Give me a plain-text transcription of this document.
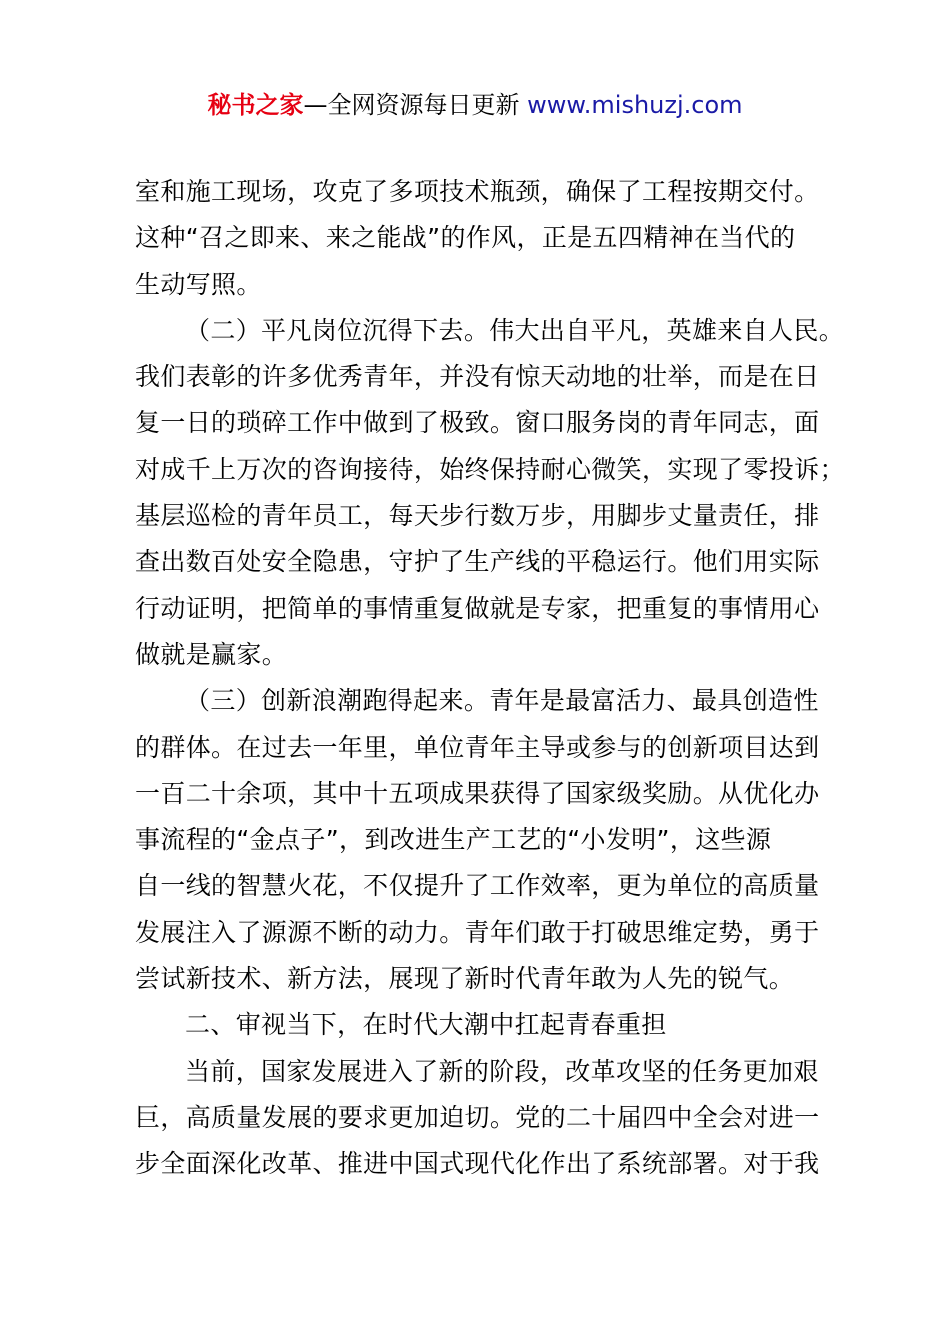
秘书之家—全网资源每日更新 www.mishuzj.com
室和施工现场，攻克了多项技术瓶颈，确保了工程按期交付。
这种“召之即来、来之能战”的作风，正是五四精神在当代的
生动写照。
（二）平凡岗位沉得下去。伟大出自平凡，英雄来自人民。
我们表彰的许多优秀青年，并没有惊天动地的壮举，而是在日
复一日的琐碎工作中做到了极致。窗口服务岗的青年同志，面
对成千上万次的咨询接待，始终保持耐心微笑，实现了零投诉；
基层巡检的青年员工，每天步行数万步，用脚步丈量责任，排
查出数百处安全隐患，守护了生产线的平稳运行。他们用实际
行动证明，把简单的事情重复做就是专家，把重复的事情用心
做就是赢家。
（三）创新浪潮跑得起来。青年是最富活力、最具创造性
的群体。在过去一年里，单位青年主导或参与的创新项目达到
一百二十余项，其中十五项成果获得了国家级奖励。从优化办
事流程的“金点子”，到改进生产工艺的“小发明”，这些源
自一线的智慧火花，不仅提升了工作效率，更为单位的高质量
发展注入了源源不断的动力。青年们敢于打破思维定势，勇于
尝试新技术、新方法，展现了新时代青年敢为人先的锐气。
二、审视当下，在时代大潮中扛起青春重担
当前，国家发展进入了新的阶段，改革攻坚的任务更加艰
巨，高质量发展的要求更加迫切。党的二十届四中全会对进一
步全面深化改革、推进中国式现代化作出了系统部署。对于我
